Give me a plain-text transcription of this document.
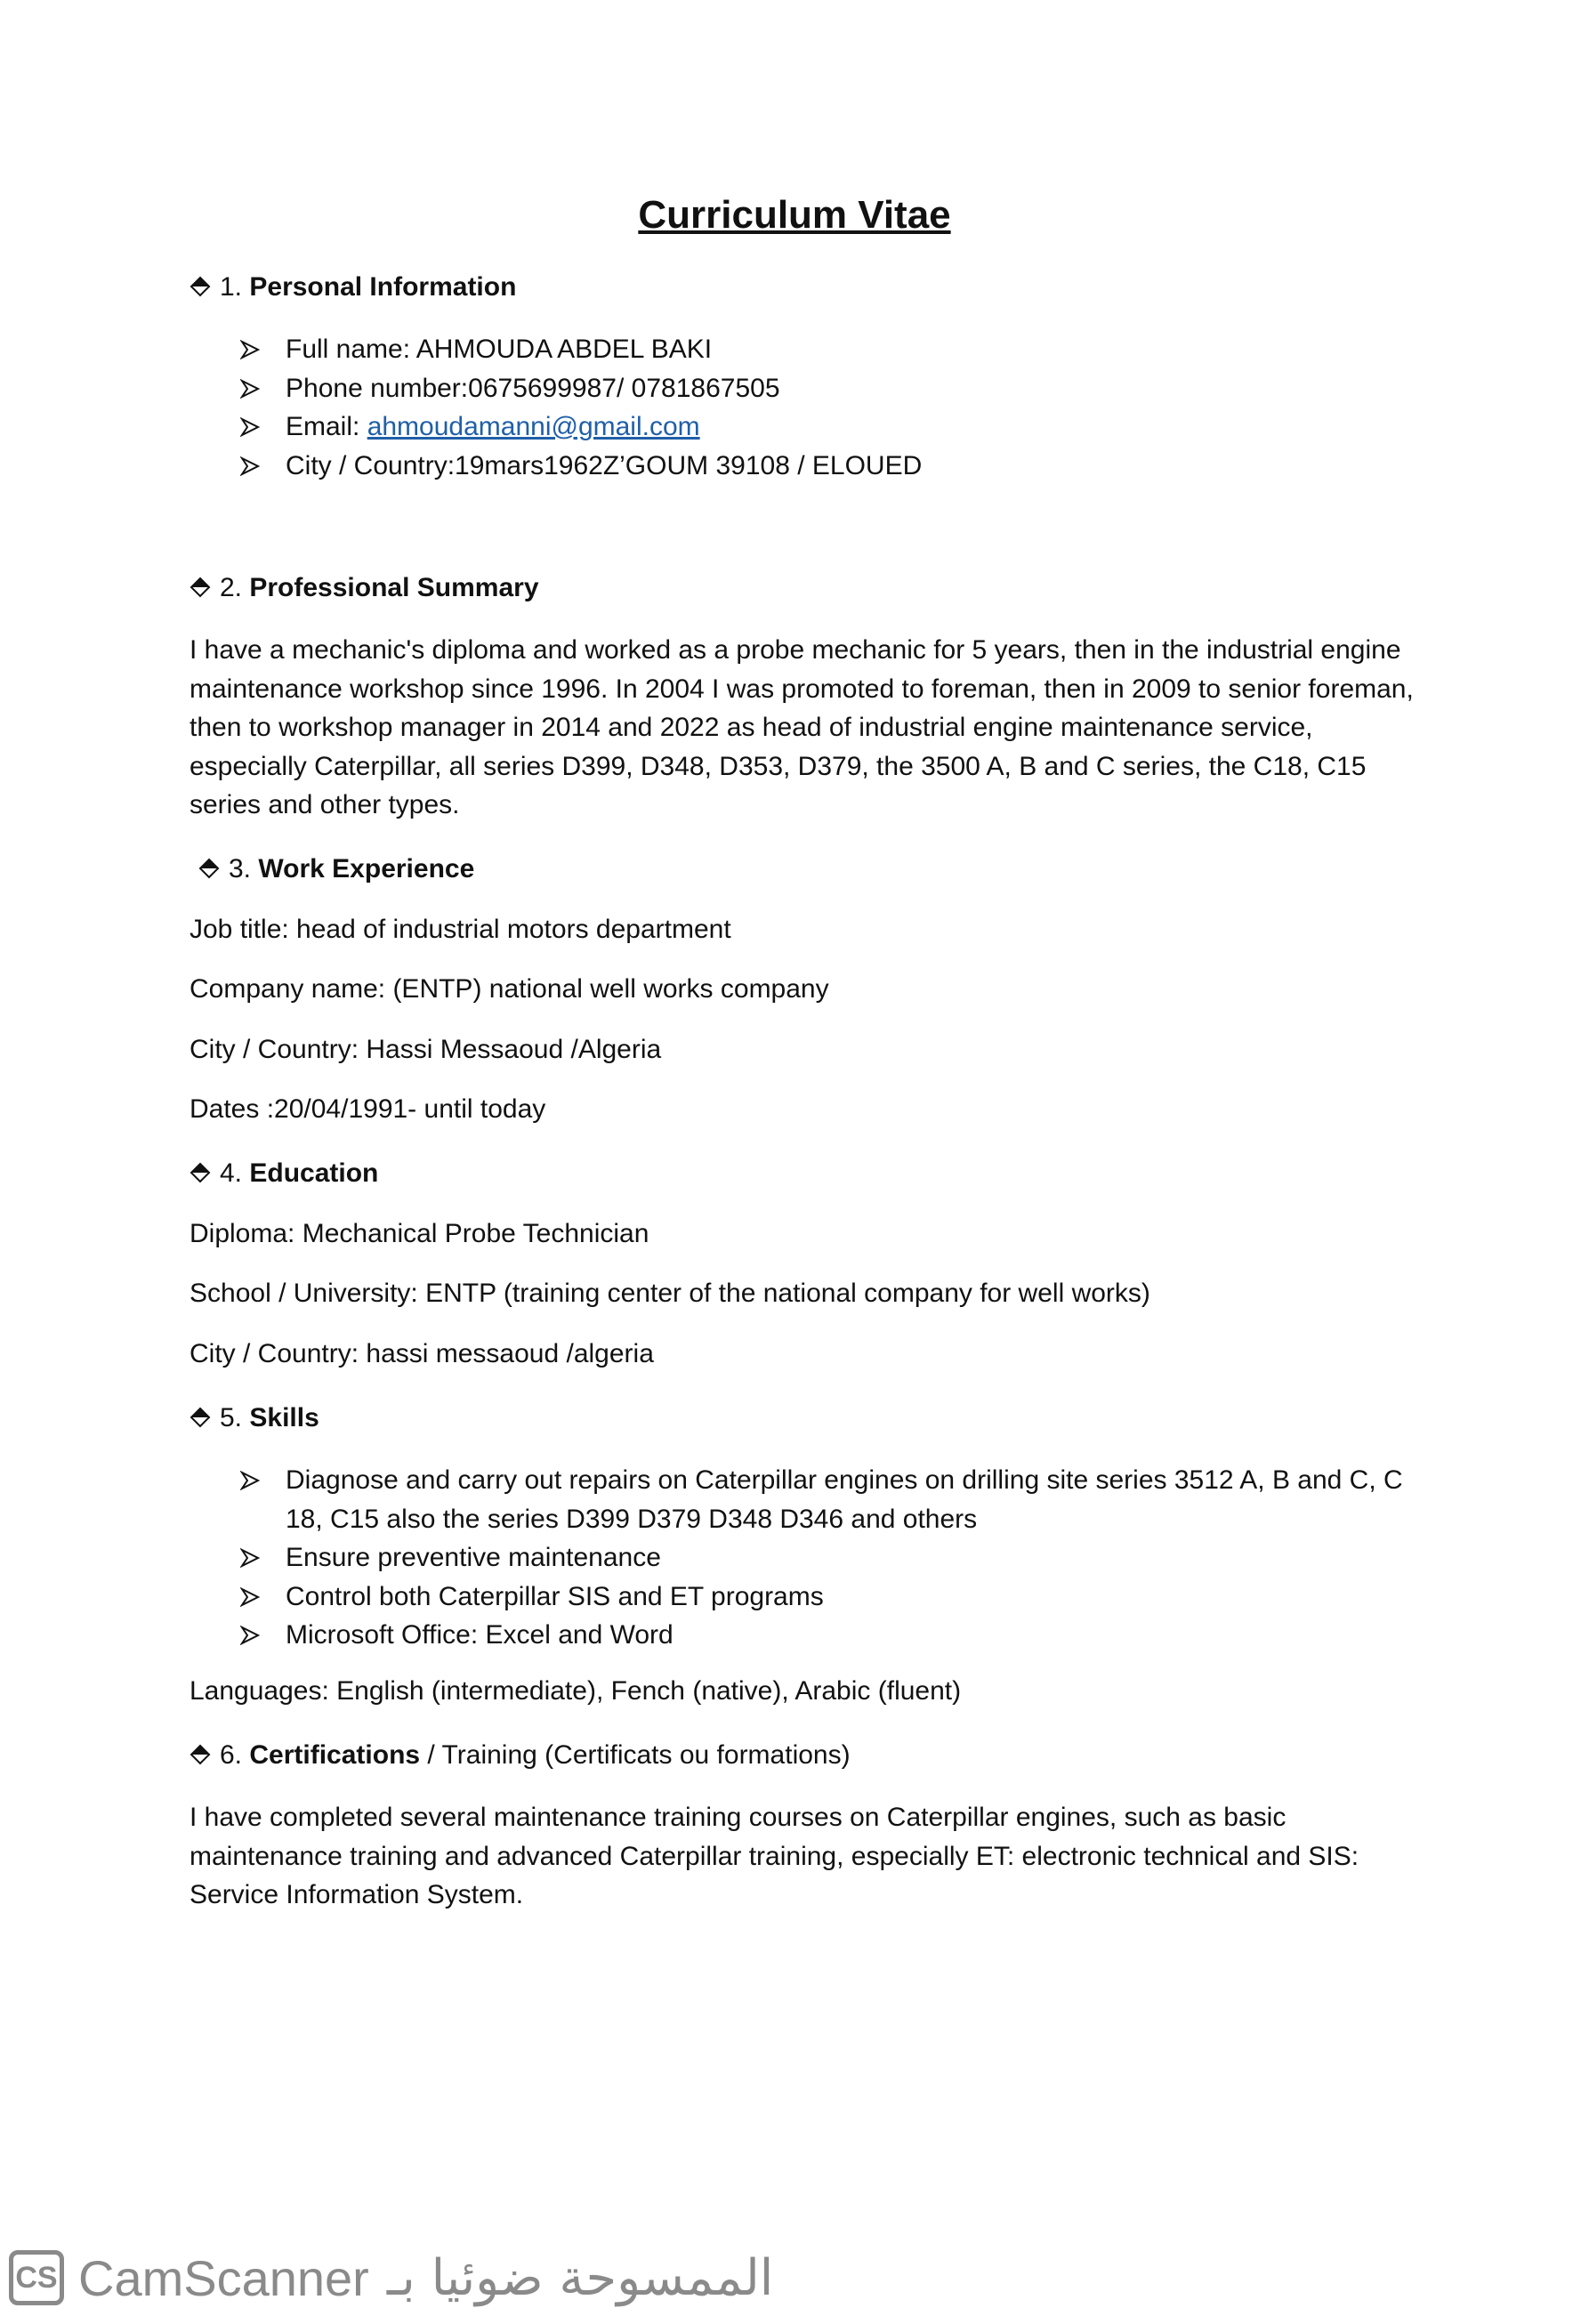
Curriculum Vitae
1. Personal Information
Full name: AHMOUDA ABDEL BAKI
Phone number:0675699987/ 0781867505
Email: ahmoudamanni@gmail.com
City / Country:19mars1962Z’GOUM 39108 / ELOUED
2. Professional Summary

I have a mechanic's diploma and worked as a probe mechanic for 5 years, then in the industrial engine maintenance workshop since 1996. In 2004 I was promoted to foreman, then in 2009 to senior foreman, then to workshop manager in 2014 and 2022 as head of industrial engine maintenance service, especially Caterpillar, all series D399, D348, D353, D379, the 3500 A, B and C series, the C18, C15 series and other types.

3. Work Experience
Job title: head of industrial motors department
Company name: (ENTP) national well works company
City / Country: Hassi Messaoud /Algeria
Dates :20/04/1991- until today
4. Education
Diploma: Mechanical Probe Technician
School / University: ENTP (training center of the national company for well works)
City / Country: hassi messaoud /algeria
5. Skills
Diagnose and carry out repairs on Caterpillar engines on drilling site series 3512 A, B and C, C 18, C15 also the series D399 D379 D348 D346 and others
Ensure preventive maintenance
Control both Caterpillar SIS and ET programs
Microsoft Office: Excel and Word
Languages: English (intermediate), Fench (native), Arabic (fluent)
6. Certifications / Training (Certificats ou formations)

I have completed several maintenance training courses on Caterpillar engines, such as basic maintenance training and advanced Caterpillar training, especially ET: electronic technical and SIS: Service Information System.

CS CamScanner الممسوحة ضوئيا بـ
